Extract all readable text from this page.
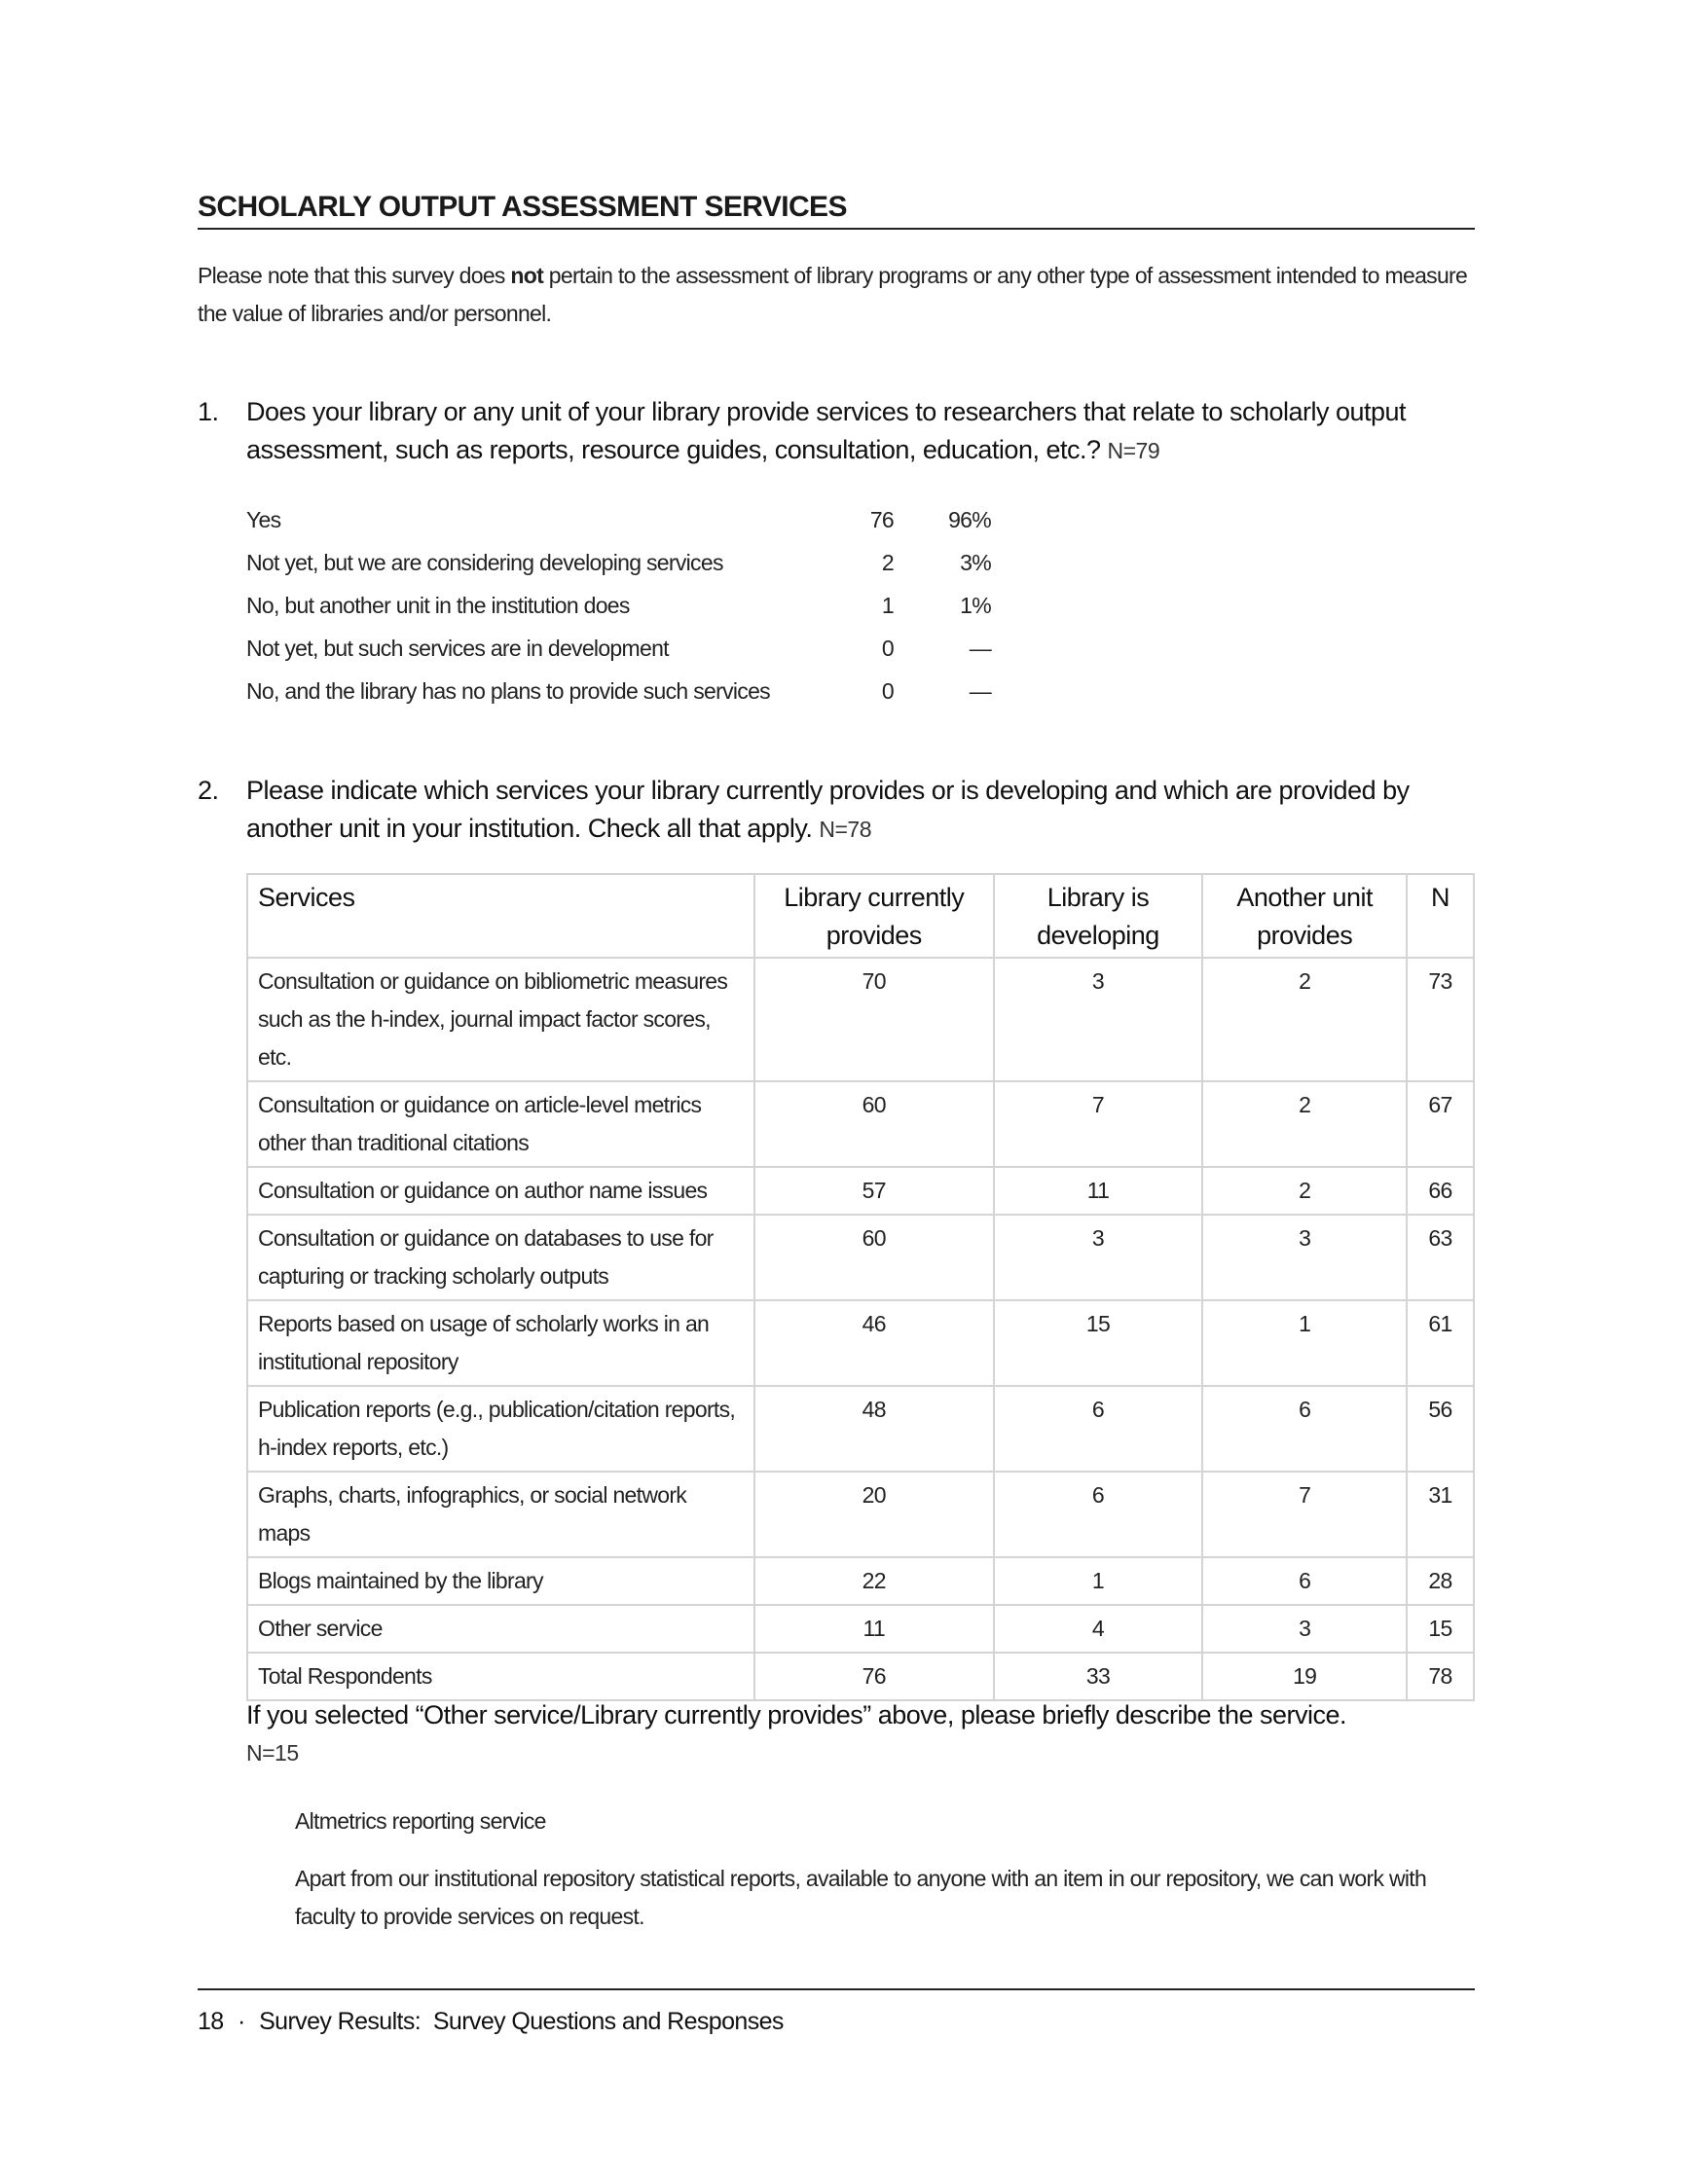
SCHOLARLY OUTPUT ASSESSMENT SERVICES
Please note that this survey does not pertain to the assessment of library programs or any other type of assessment intended to measure the value of libraries and/or personnel.
1. Does your library or any unit of your library provide services to researchers that relate to scholarly output assessment, such as reports, resource guides, consultation, education, etc.? N=79
Yes	76	96%
Not yet, but we are considering developing services	2	3%
No, but another unit in the institution does	1	1%
Not yet, but such services are in development	0	—
No, and the library has no plans to provide such services	0	—
2. Please indicate which services your library currently provides or is developing and which are provided by another unit in your institution. Check all that apply. N=78
Services	Library currently provides	Library is developing	Another unit provides	N
Consultation or guidance on bibliometric measures such as the h-index, journal impact factor scores, etc.	70	3	2	73
Consultation or guidance on article-level metrics other than traditional citations	60	7	2	67
Consultation or guidance on author name issues	57	11	2	66
Consultation or guidance on databases to use for capturing or tracking scholarly outputs	60	3	3	63
Reports based on usage of scholarly works in an institutional repository	46	15	1	61
Publication reports (e.g., publication/citation reports, h-index reports, etc.)	48	6	6	56
Graphs, charts, infographics, or social network maps	20	6	7	31
Blogs maintained by the library	22	1	6	28
Other service	11	4	3	15
Total Respondents	76	33	19	78
If you selected “Other service/Library currently provides” above, please briefly describe the service.
N=15

Altmetrics reporting service

Apart from our institutional repository statistical reports, available to anyone with an item in our repository, we can work with faculty to provide services on request.

18 · Survey Results:  Survey Questions and Responses
